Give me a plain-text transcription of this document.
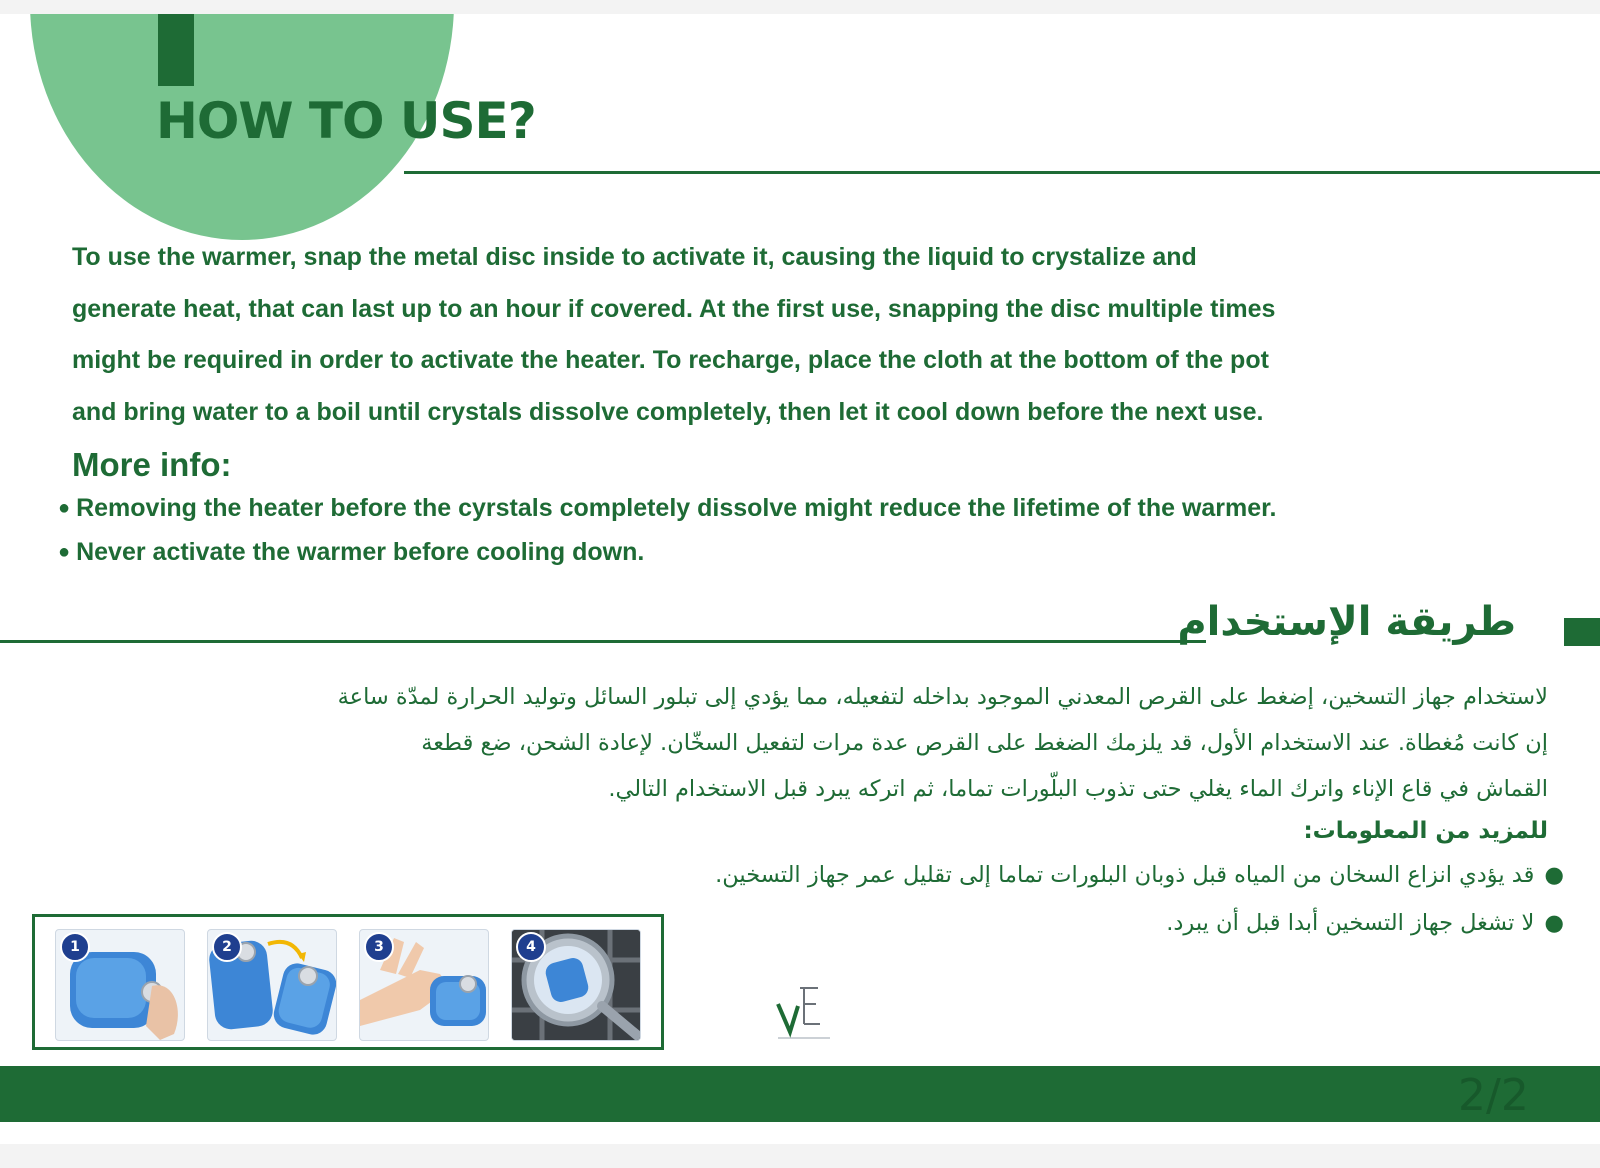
HOW TO USE?
To use the warmer, snap the metal disc inside to activate it, causing the liquid to crystalize and
generate heat, that can last up to an hour if covered. At the first use, snapping the disc multiple times
might be required in order to activate the heater. To recharge, place the cloth at the bottom of the pot
and bring water to a boil until crystals dissolve completely, then let it cool down before the next use.
More info:
● Removing the heater before the cyrstals completely dissolve might reduce the lifetime of the warmer.
● Never activate the warmer before cooling down.
طريقة الإستخدام
لاستخدام جهاز التسخين، إضغط على القرص المعدني الموجود بداخله لتفعيله، مما يؤدي إلى تبلور السائل وتوليد الحرارة لمدّة ساعة
إن كانت مُغطاة. عند الاستخدام الأول، قد يلزمك الضغط على القرص عدة مرات لتفعيل السخّان. لإعادة الشحن، ضع قطعة
القماش في قاع الإناء واترك الماء يغلي حتى تذوب البلّورات تماما، ثم اتركه يبرد قبل الاستخدام التالي.
للمزيد من المعلومات:
●قد يؤدي انزاع السخان من المياه قبل ذوبان البلورات تماما إلى تقليل عمر جهاز التسخين.
●لا تشغل جهاز التسخين أبدا قبل أن يبرد.
1	2	3	4
2/2
